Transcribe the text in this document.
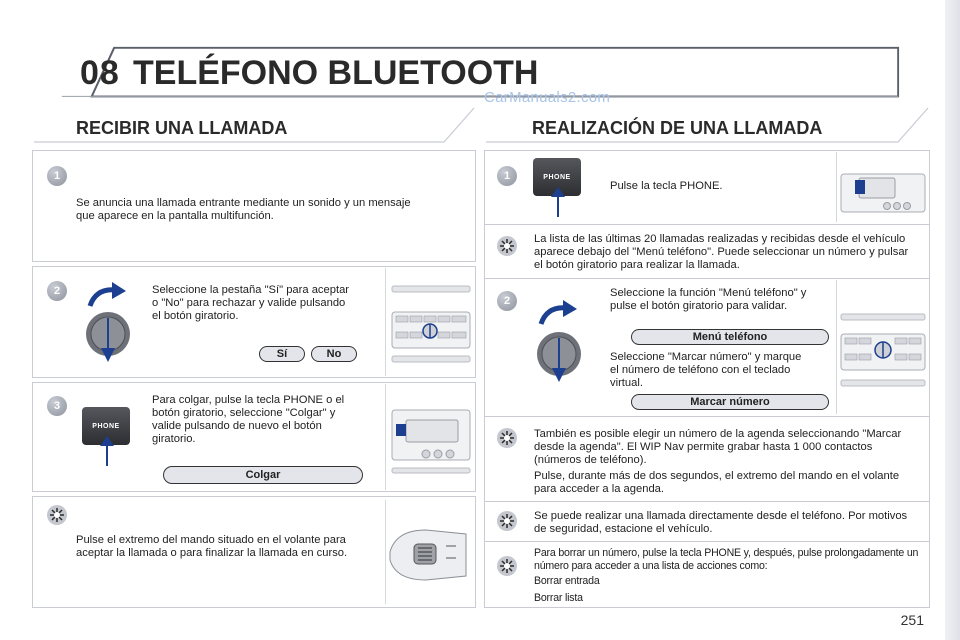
08 TELÉFONO BLUETOOTH
CarManuals2.com
RECIBIR UNA LLAMADA
1
Se anuncia una llamada entrante mediante un sonido y un mensaje que aparece en la pantalla multifunción.
2	Seleccione la pestaña "Sí" para aceptar o "No" para rechazar y valide pulsando el botón giratorio.
Sí	No
3
PHONE
Para colgar, pulse la tecla PHONE o el botón giratorio, seleccione "Colgar" y valide pulsando de nuevo el botón giratorio.
Colgar
Pulse el extremo del mando situado en el volante para aceptar la llamada o para finalizar la llamada en curso.
REALIZACIÓN DE UNA LLAMADA
1	PHONE
Pulse la tecla PHONE.
La lista de las últimas 20 llamadas realizadas y recibidas desde el vehículo aparece debajo del "Menú teléfono". Puede seleccionar un número y pulsar el botón giratorio para realizar la llamada.
2
Seleccione la función "Menú teléfono" y pulse el botón giratorio para validar.
Menú teléfono
Seleccione "Marcar número" y marque el número de teléfono con el teclado virtual.
Marcar número

También es posible elegir un número de la agenda seleccionando "Marcar desde la agenda". El WIP Nav permite grabar hasta 1 000 contactos (números de teléfono).

Pulse, durante más de dos segundos, el extremo del mando en el volante para acceder a la agenda.

Se puede realizar una llamada directamente desde el teléfono. Por motivos de seguridad, estacione el vehículo.

Para borrar un número, pulse la tecla PHONE y, después, pulse prolongadamente un número para acceder a una lista de acciones como:

Borrar entrada

Borrar lista

251
